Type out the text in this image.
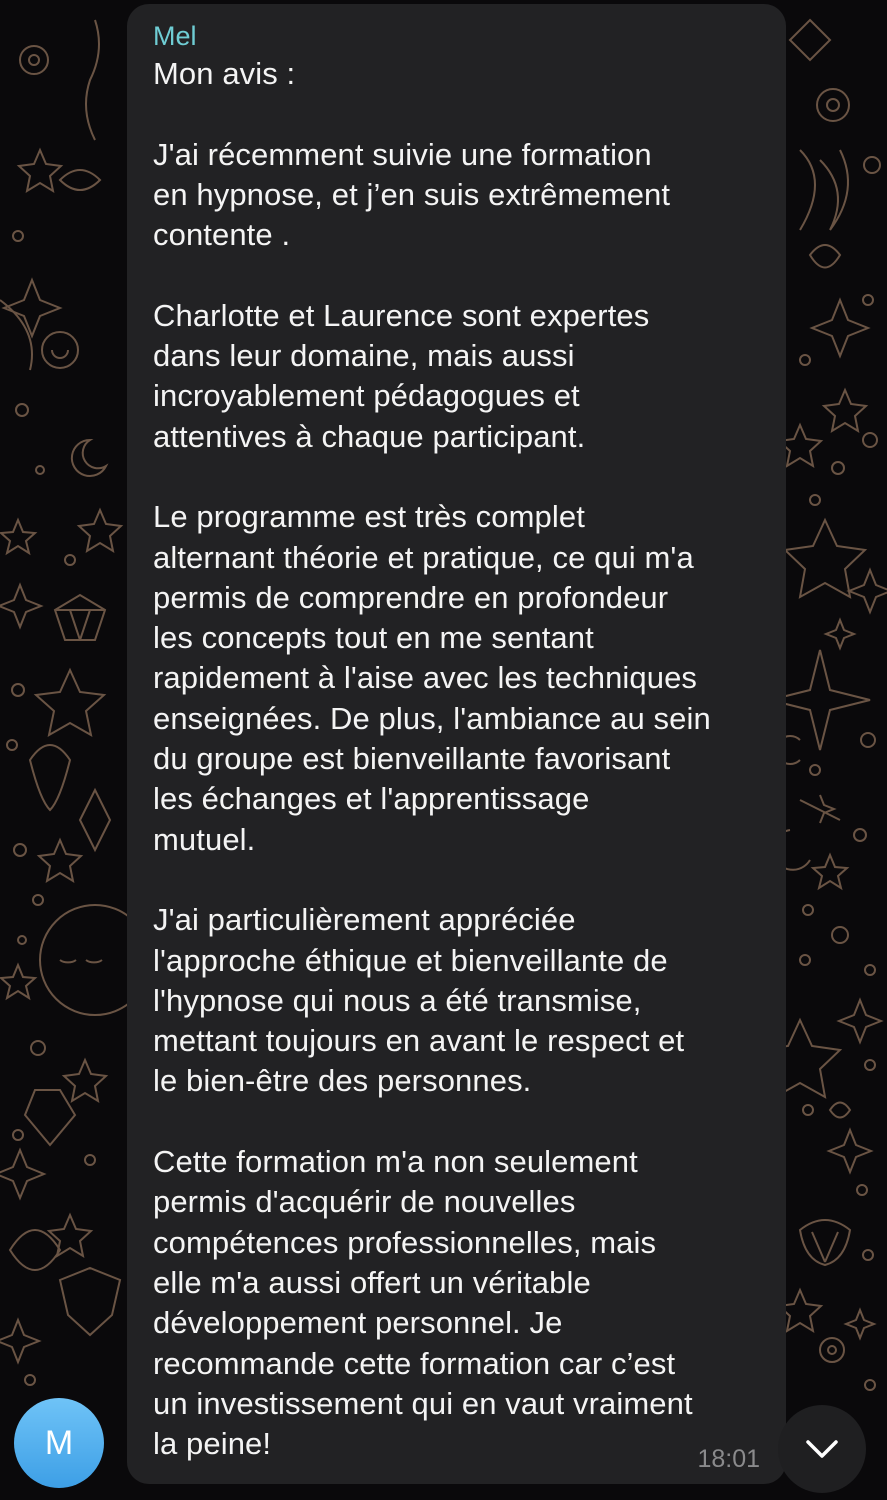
Mel

Mon avis :

J'ai récemment suivie une formation
en hypnose, et j’en suis extrêmement
contente .

Charlotte et Laurence sont expertes
dans leur domaine, mais aussi
incroyablement pédagogues et
attentives à chaque participant.

Le programme est très complet
alternant théorie et pratique, ce qui m'a
permis de comprendre en profondeur
les concepts tout en me sentant
rapidement à l'aise avec les techniques
enseignées. De plus, l'ambiance au sein
du groupe est bienveillante favorisant
les échanges et l'apprentissage
mutuel.

J'ai particulièrement appréciée
l'approche éthique et bienveillante de
l'hypnose qui nous a été transmise,
mettant toujours en avant le respect et
le bien-être des personnes.

Cette formation m'a non seulement
permis d'acquérir de nouvelles
compétences professionnelles, mais
elle m'a aussi offert un véritable
développement personnel. Je
recommande cette formation car c’est
un investissement qui en vaut vraiment
la peine!	18:01
M
